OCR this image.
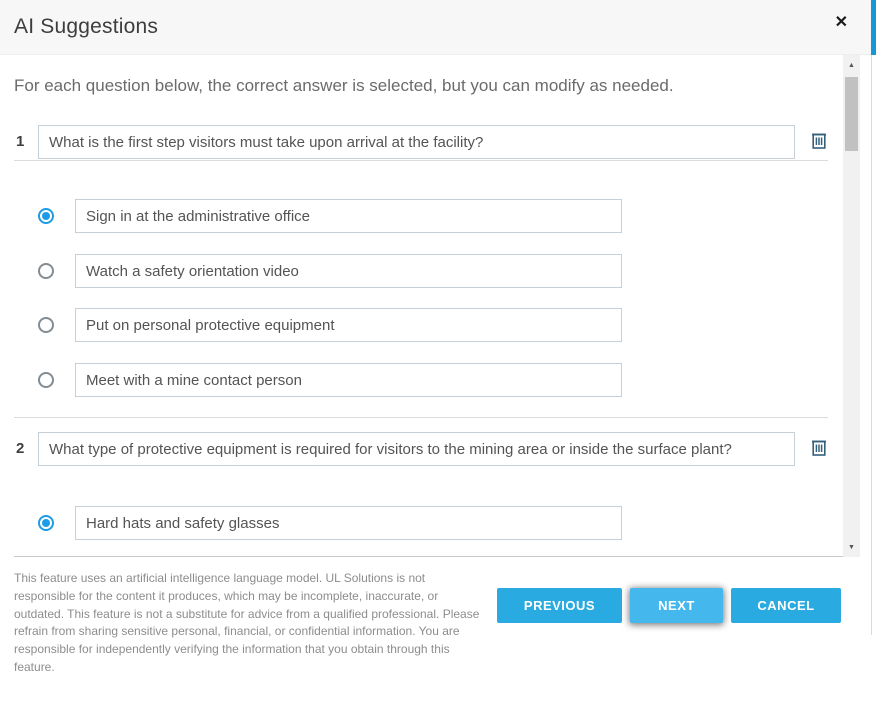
AI Suggestions	✕
For each question below, the correct answer is selected, but you can modify as needed.
1
What is the first step visitors must take upon arrival at the facility?
Sign in at the administrative office
Watch a safety orientation video
Put on personal protective equipment
Meet with a mine contact person
2
What type of protective equipment is required for visitors to the mining area or inside the surface plant?
Hard hats and safety glasses
▲
▼
This feature uses an artificial intelligence language model. UL Solutions is not responsible for the content it produces, which may be incomplete, inaccurate, or outdated. This feature is not a substitute for advice from a qualified professional. Please refrain from sharing sensitive personal, financial, or confidential information. You are responsible for independently verifying the information that you obtain through this feature.
PREVIOUS	NEXT	CANCEL
